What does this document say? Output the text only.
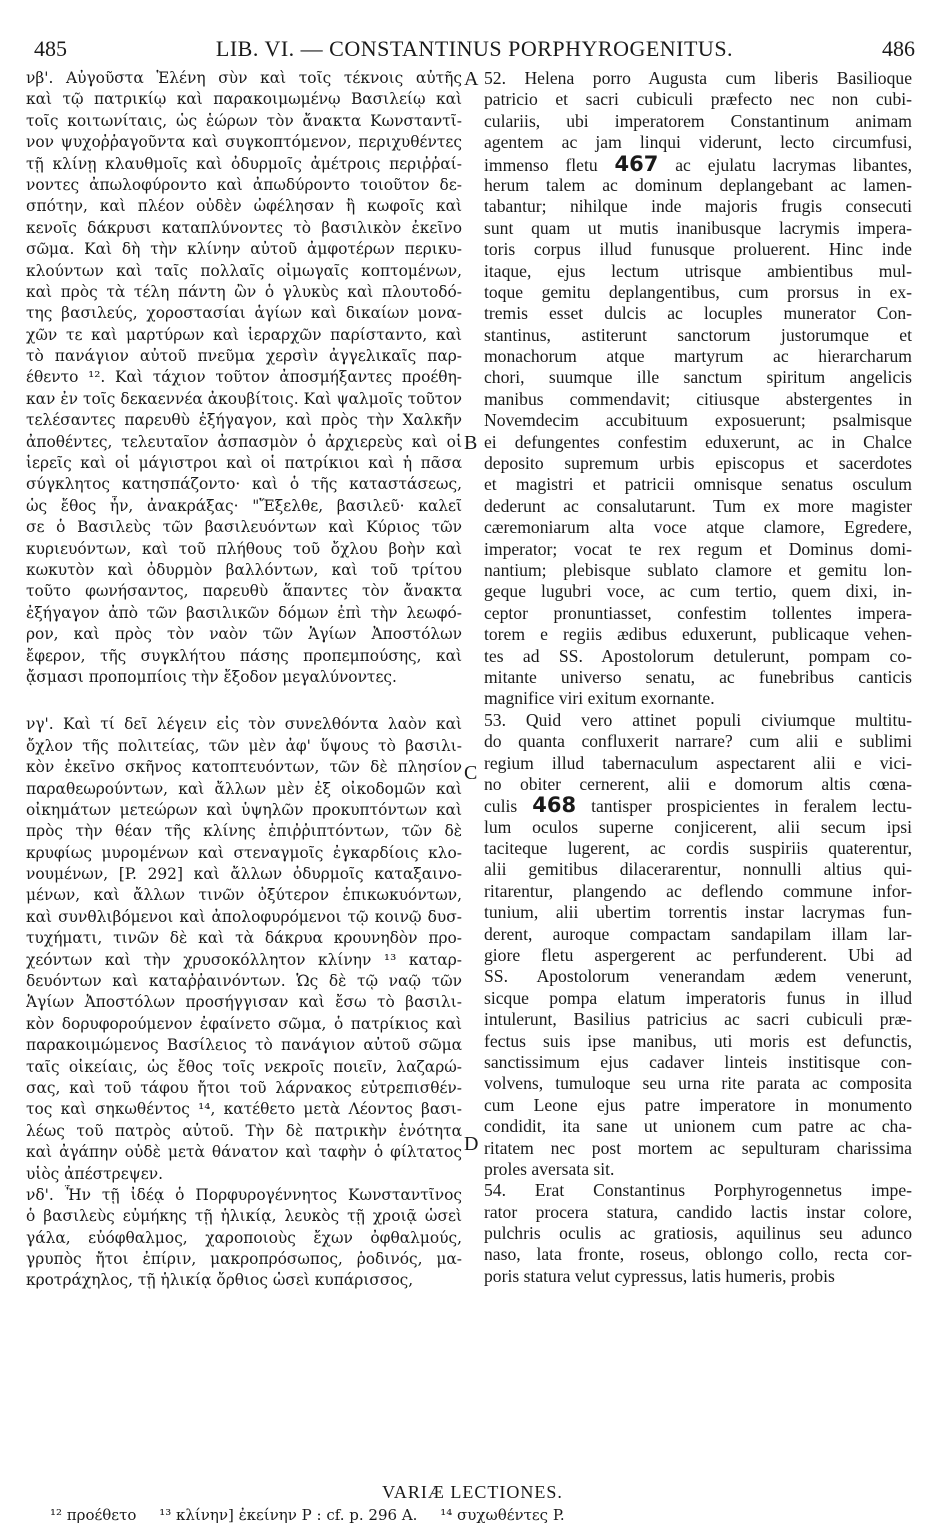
485	LIB. VI. — CONSTANTINUS PORPHYROGENITUS.	486
νβ'. Αὐγοῦστα Ἑλένη σὺν καὶ τοῖς τέκνοις αὐτῆς
καὶ τῷ πατρικίῳ καὶ παρακοιμωμένῳ Βασιλείῳ καὶ
τοῖς κοιτωνίταις, ὡς ἑώρων τὸν ἄνακτα Κωνσταντῖ-
νον ψυχοῤῥαγοῦντα καὶ συγκοπτόμενον, περιχυθέντες
τῇ κλίνῃ κλαυθμοῖς καὶ ὀδυρμοῖς ἀμέτροις περιῤῥαί-
νοντες ἀπωλοφύροντο καὶ ἀπωδύροντο τοιοῦτον δε-
σπότην, καὶ πλέον οὐδὲν ὠφέλησαν ἢ κωφοῖς καὶ
κενοῖς δάκρυσι καταπλύνοντες τὸ βασιλικὸν ἐκεῖνο
σῶμα. Καὶ δὴ τὴν κλίνην αὐτοῦ ἀμφοτέρων περικυ-
κλούντων καὶ ταῖς πολλαῖς οἰμωγαῖς κοπτομένων,
καὶ πρὸς τὰ τέλη πάντη ὢν ὁ γλυκὺς καὶ πλουτοδό-
της βασιλεύς, χοροστασίαι ἁγίων καὶ δικαίων μονα-
χῶν τε καὶ μαρτύρων καὶ ἱεραρχῶν παρίσταντο, καὶ
τὸ πανάγιον αὐτοῦ πνεῦμα χερσὶν ἀγγελικαῖς παρ-
έθεντο ¹². Καὶ τάχιον τοῦτον ἀποσμήξαντες προέθη-
καν ἐν τοῖς δεκαεννέα ἀκουβίτοις. Καὶ ψαλμοῖς τοῦτον
τελέσαντες παρευθὺ ἐξήγαγον, καὶ πρὸς τὴν Χαλκῆν
ἀποθέντες, τελευταῖον ἀσπασμὸν ὁ ἀρχιερεὺς καὶ οἱ
ἱερεῖς καὶ οἱ μάγιστροι καὶ οἱ πατρίκιοι καὶ ἡ πᾶσα
σύγκλητος κατησπάζοντο· καὶ ὁ τῆς καταστάσεως,
ὡς ἔθος ἦν, ἀνακράξας· "Ἔξελθε, βασιλεῦ· καλεῖ
σε ὁ Βασιλεὺς τῶν βασιλευόντων καὶ Κύριος τῶν
κυριευόντων, καὶ τοῦ πλήθους τοῦ ὄχλου βοὴν καὶ
κωκυτὸν καὶ ὀδυρμὸν βαλλόντων, καὶ τοῦ τρίτου
τοῦτο φωνήσαντος, παρευθὺ ἅπαντες τὸν ἄνακτα
ἐξήγαγον ἀπὸ τῶν βασιλικῶν δόμων ἐπὶ τὴν λεωφό-
ρον, καὶ πρὸς τὸν ναὸν τῶν Ἁγίων Ἀποστόλων
ἔφερον, τῆς συγκλήτου πάσης προπεμπούσης, καὶ
ᾄσμασι προπομπίοις τὴν ἔξοδον μεγαλύνοντες.
νγ'. Καὶ τί δεῖ λέγειν εἰς τὸν συνελθόντα λαὸν καὶ
ὄχλον τῆς πολιτείας, τῶν μὲν ἀφ' ὕψους τὸ βασιλι-
κὸν ἐκεῖνο σκῆνος κατοπτευόντων, τῶν δὲ πλησίον
παραθεωρούντων, καὶ ἄλλων μὲν ἐξ οἰκοδομῶν καὶ
οἰκημάτων μετεώρων καὶ ὑψηλῶν προκυπτόντων καὶ
πρὸς τὴν θέαν τῆς κλίνης ἐπιῤῥιπτόντων, τῶν δὲ
κρυφίως μυρομένων καὶ στεναγμοῖς ἐγκαρδίοις κλο-
νουμένων, [P. 292] καὶ ἄλλων ὀδυρμοῖς καταξαινο-
μένων, καὶ ἄλλων τινῶν ὀξύτερον ἐπικωκυόντων,
καὶ συνθλιβόμενοι καὶ ἀπολοφυρόμενοι τῷ κοινῷ δυσ-
τυχήματι, τινῶν δὲ καὶ τὰ δάκρυα κρουνηδὸν προ-
χεόντων καὶ τὴν χρυσοκόλλητον κλίνην ¹³ καταρ-
δευόντων καὶ καταῤῥαινόντων. Ὡς δὲ τῷ ναῷ τῶν
Ἁγίων Ἀποστόλων προσήγγισαν καὶ ἔσω τὸ βασιλι-
κὸν δορυφορούμενον ἐφαίνετο σῶμα, ὁ πατρίκιος καὶ
παρακοιμώμενος Βασίλειος τὸ πανάγιον αὐτοῦ σῶμα
ταῖς οἰκείαις, ὡς ἔθος τοῖς νεκροῖς ποιεῖν, λαζαρώ-
σας, καὶ τοῦ τάφου ἤτοι τοῦ λάρνακος εὐτρεπισθέν-
τος καὶ σηκωθέντος ¹⁴, κατέθετο μετὰ Λέοντος βασι-
λέως τοῦ πατρὸς αὐτοῦ. Τὴν δὲ πατρικὴν ἑνότητα
καὶ ἀγάπην οὐδὲ μετὰ θάνατον καὶ ταφὴν ὁ φίλτατος
υἱὸς ἀπέστρεψεν.
νδ'. Ἦν τῇ ἰδέᾳ ὁ Πορφυρογέννητος Κωνσταντῖνος
ὁ βασιλεὺς εὐμήκης τῇ ἡλικίᾳ, λευκὸς τῇ χροιᾷ ὡσεὶ
γάλα, εὐόφθαλμος, χαροποιοὺς ἔχων ὀφθαλμούς,
γρυπὸς ἤτοι ἐπίριν, μακροπρόσωπος, ῥοδινός, μα-
κροτράχηλος, τῇ ἡλικίᾳ ὄρθιος ὡσεὶ κυπάρισσος,
52. Helena porro Augusta cum liberis Basilioque
patricio et sacri cubiculi præfecto nec non cubi-
culariis, ubi imperatorem Constantinum animam
agentem ac jam linqui viderunt, lecto circumfusi,
immenso fletu 467 ac ejulatu lacrymas libantes,
herum talem ac dominum deplangebant ac lamen-
tabantur; nihilque inde majoris frugis consecuti
sunt quam ut mutis inanibusque lacrymis impera-
toris corpus illud funusque proluerent. Hinc inde
itaque, ejus lectum utrisque ambientibus mul-
toque gemitu deplangentibus, cum prorsus in ex-
tremis esset dulcis ac locuples munerator Con-
stantinus, astiterunt sanctorum justorumque et
monachorum atque martyrum ac hierarcharum
chori, suumque ille sanctum spiritum angelicis
manibus commendavit; citiusque abstergentes in
Novemdecim accubituum exposuerunt; psalmisque
ei defungentes confestim eduxerunt, ac in Chalce
deposito supremum urbis episcopus et sacerdotes
et magistri et patricii omnisque senatus osculum
dederunt ac consalutarunt. Tum ex more magister
cæremoniarum alta voce atque clamore, Egredere,
imperator; vocat te rex regum et Dominus domi-
nantium; plebisque sublato clamore et gemitu lon-
geque lugubri voce, ac cum tertio, quem dixi, in-
ceptor pronuntiasset, confestim tollentes impera-
torem e regiis ædibus eduxerunt, publicaque vehen-
tes ad SS. Apostolorum detulerunt, pompam co-
mitante universo senatu, ac funebribus canticis
magnifice viri exitum exornante.
53. Quid vero attinet populi civiumque multitu-
do quanta confluxerit narrare? cum alii e sublimi
regium illud tabernaculum aspectarent alii e vici-
no obiter cernerent, alii e domorum altis cœna-
culis 468 tantisper prospicientes in feralem lectu-
lum oculos superne conjicerent, alii secum ipsi
taciteque lugerent, ac cordis suspiriis quaterentur,
alii gemitibus dilacerarentur, nonnulli altius qui-
ritarentur, plangendo ac deflendo commune infor-
tunium, alii ubertim torrentis instar lacrymas fun-
derent, auroque compactam sandapilam illam lar-
giore fletu aspergerent ac perfunderent. Ubi ad
SS. Apostolorum venerandam ædem venerunt,
sicque pompa elatum imperatoris funus in illud
intulerunt, Basilius patricius ac sacri cubiculi præ-
fectus suis ipse manibus, uti moris est defunctis,
sanctissimum ejus cadaver linteis institisque con-
volvens, tumuloque seu urna rite parata ac composita
cum Leone ejus patre imperatore in monumento
condidit, ita sane ut unionem cum patre ac cha-
ritatem nec post mortem ac sepulturam charissima
proles aversata sit.
54. Erat Constantinus Porphyrogennetus impe-
rator procera statura, candido lactis instar colore,
pulchris oculis ac gratiosis, aquilinus seu adunco
naso, lata fronte, roseus, oblongo collo, recta cor-
poris statura velut cypressus, latis humeris, probis
A
B
C
D
VARIÆ LECTIONES.
¹² προέθετο ¹³ κλίνην] ἐκείνην P : cf. p. 296 A. ¹⁴ συχωθέντες P.
